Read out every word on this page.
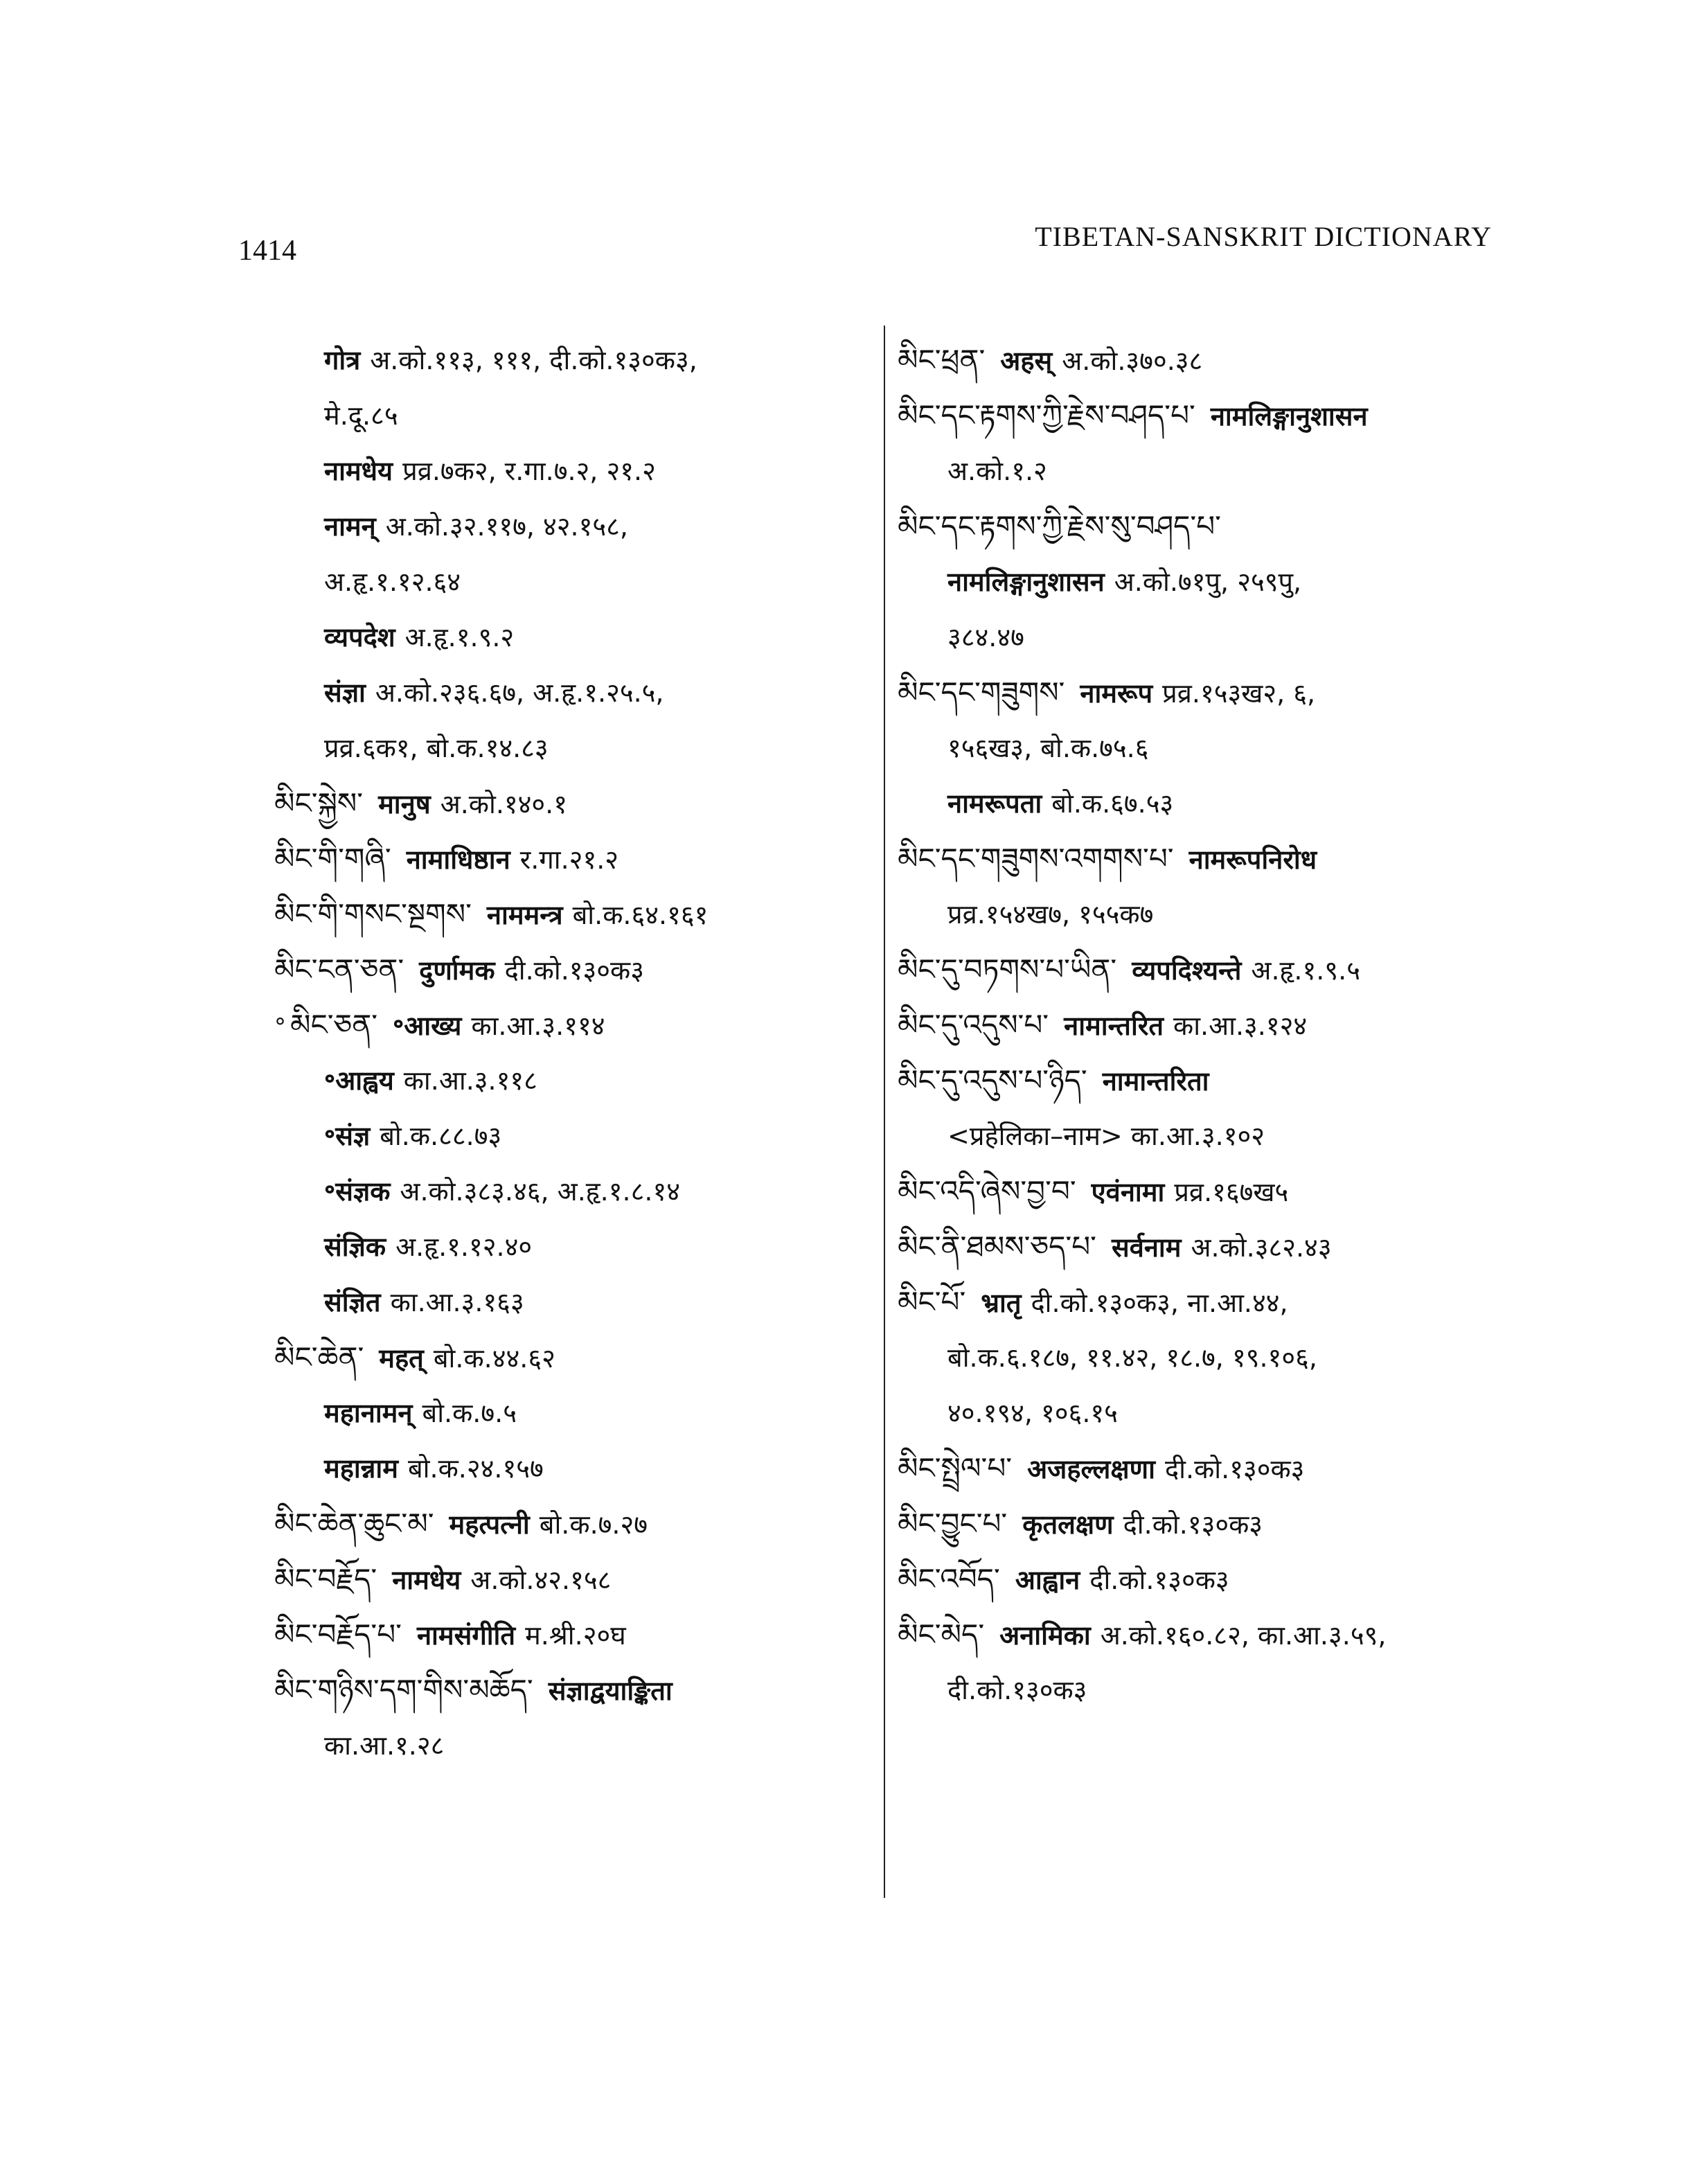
1414	TIBETAN-SANSKRIT DICTIONARY
गोत्र अ.को.११३, १११, दी.को.१३०क३,
मे.दू.८५
नामधेय प्रव्र.७क२, र.गा.७.२, २१.२
नामन् अ.को.३२.११७, ४२.१५८,
अ.हृ.१.१२.६४
व्यपदेश अ.हृ.१.९.२
संज्ञा अ.को.२३६.६७, अ.हृ.१.२५.५,
प्रव्र.६क१, बो.क.१४.८३
མིང་སྐྱེས་ मानुष अ.को.१४०.१
མིང་གི་གཞི་ नामाधिष्ठान र.गा.२१.२
མིང་གི་གསང་སྔགས་ नाममन्त्र बो.क.६४.१६१
མིང་ངན་ཅན་ दुर्णामक दी.को.१३०क३
° མིང་ཅན་ ॰आख्य का.आ.३.११४
॰आह्वय का.आ.३.११८
॰संज्ञ बो.क.८८.७३
॰संज्ञक अ.को.३८३.४६, अ.हृ.१.८.१४
संज्ञिक अ.हृ.१.१२.४०
संज्ञित का.आ.३.१६३
མིང་ཆེན་ महत् बो.क.४४.६२
महानामन् बो.क.७.५
महान्नाम बो.क.२४.१५७
མིང་ཆེན་ཆུང་མ་ महत्पत्नी बो.क.७.२७
མིང་བརྗོད་ नामधेय अ.को.४२.१५८
མིང་བརྗོད་པ་ नामसंगीति म.श्री.२०घ
མིང་གཉིས་དག་གིས་མཆོད་ संज्ञाद्वयाङ्किता
का.आ.१.२८
མིང་ཕྲན་ अहस् अ.को.३७०.३८
མིང་དང་རྟགས་ཀྱི་རྗེས་བཤད་པ་ नामलिङ्गानुशासन
अ.को.१.२
མིང་དང་རྟགས་ཀྱི་རྗེས་སུ་བཤད་པ་
नामलिङ्गानुशासन अ.को.७१पु, २५९पु,
३८४.४७
མིང་དང་གཟུགས་ नामरूप प्रव्र.१५३ख२, ६,
१५६ख३, बो.क.७५.६
नामरूपता बो.क.६७.५३
མིང་དང་གཟུགས་འགགས་པ་ नामरूपनिरोध
प्रव्र.१५४ख७, १५५क७
མིང་དུ་བཏགས་པ་ཡིན་ व्यपदिश्यन्ते अ.हृ.१.९.५
མིང་དུ་འདུས་པ་ नामान्तरित का.आ.३.१२४
མིང་དུ་འདུས་པ་ཉིད་ नामान्तरिता
<प्रहेलिका–नाम> का.आ.३.१०२
མིང་འདི་ཞེས་བྱ་བ་ एवंनामा प्रव्र.१६७ख५
མིང་ནི་ཐམས་ཅད་པ་ सर्वनाम अ.को.३८२.४३
མིང་པོ་ भ्रातृ दी.को.१३०क३, ना.आ.४४,
बो.क.६.१८७, ११.४२, १८.७, १९.१०६,
४०.१९४, १०६.१५
མིང་སྤྲེལ་པ་ अजहल्लक्षणा दी.को.१३०क३
མིང་བྱུང་པ་ कृतलक्षण दी.को.१३०क३
མིང་འབོད་ आह्वान दी.को.१३०क३
མིང་མེད་ अनामिका अ.को.१६०.८२, का.आ.३.५९,
दी.को.१३०क३
